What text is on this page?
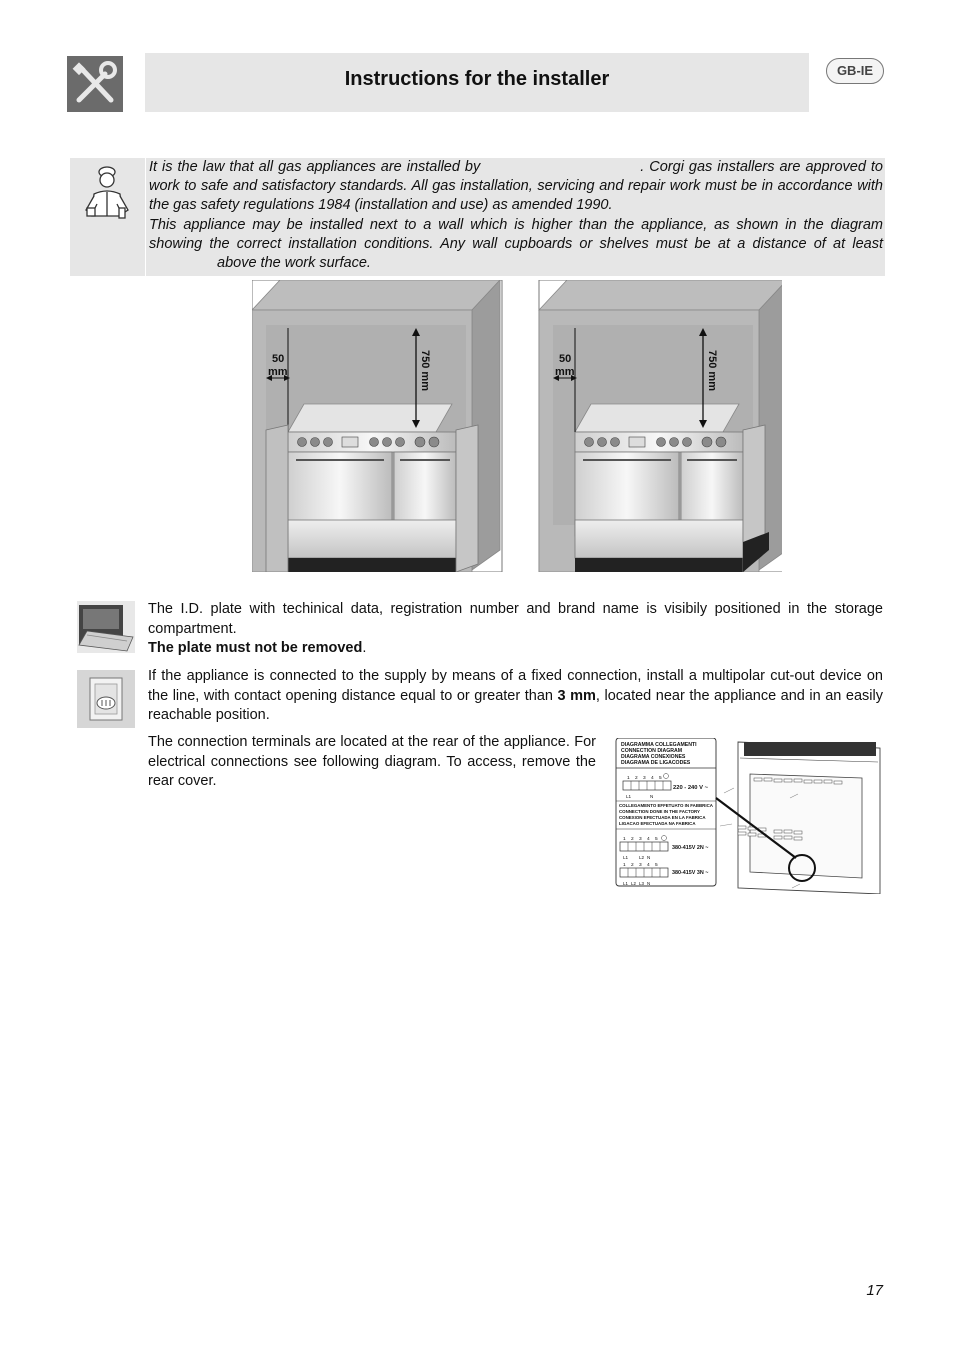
Instructions for the installer	GB-IE

It is the law that all gas appliances are installed by	. Corgi gas installers are approved to work to safe and satisfactory standards. All gas installation, servicing and repair work must be in accordance with the gas safety regulations 1984 (installation and use) as amended 1990.

This appliance may be installed next to a wall which is higher than the appliance, as shown in the diagram showing the correct installation conditions. Any wall cupboards or shelves must be at a distance of at leastabove the work surface.

50
mm	750 mm	50
mm	750 mm

The I.D. plate with techinical data, registration number and brand name is visibily positioned in the storage compartment.

The plate must not be removed.

If the appliance is connected to the supply by means of a fixed connection, install a multipolar cut-out device on the line, with contact opening distance equal to or greater than 3 mm, located near the appliance and in an easily reachable position.

The connection terminals are located at the rear of the appliance. For electrical connections see following diagram. To access, remove the rear cover.

DIAGRAMMA COLLEGAMENTI
CONNECTION DIAGRAM
DIAGRAMA CONEXIONES
DIAGRAMA DE LIGACODES
1 2 3 4 5
220 - 240 V ~
L1	N
COLLEGAMENTO EFFETUATO IN FABBRICA
CONNECTION DONE IN THE FACTORY
CONEXION EFECTUADA EN LA FABRICA
LIGACAO EFECTUADA NA FABRICA
1 2 3 4 5
380-415V 2N ~
L1 L2 N
1 2 3 4 5
380-415V 3N ~
L1 L2 L3 N
17
